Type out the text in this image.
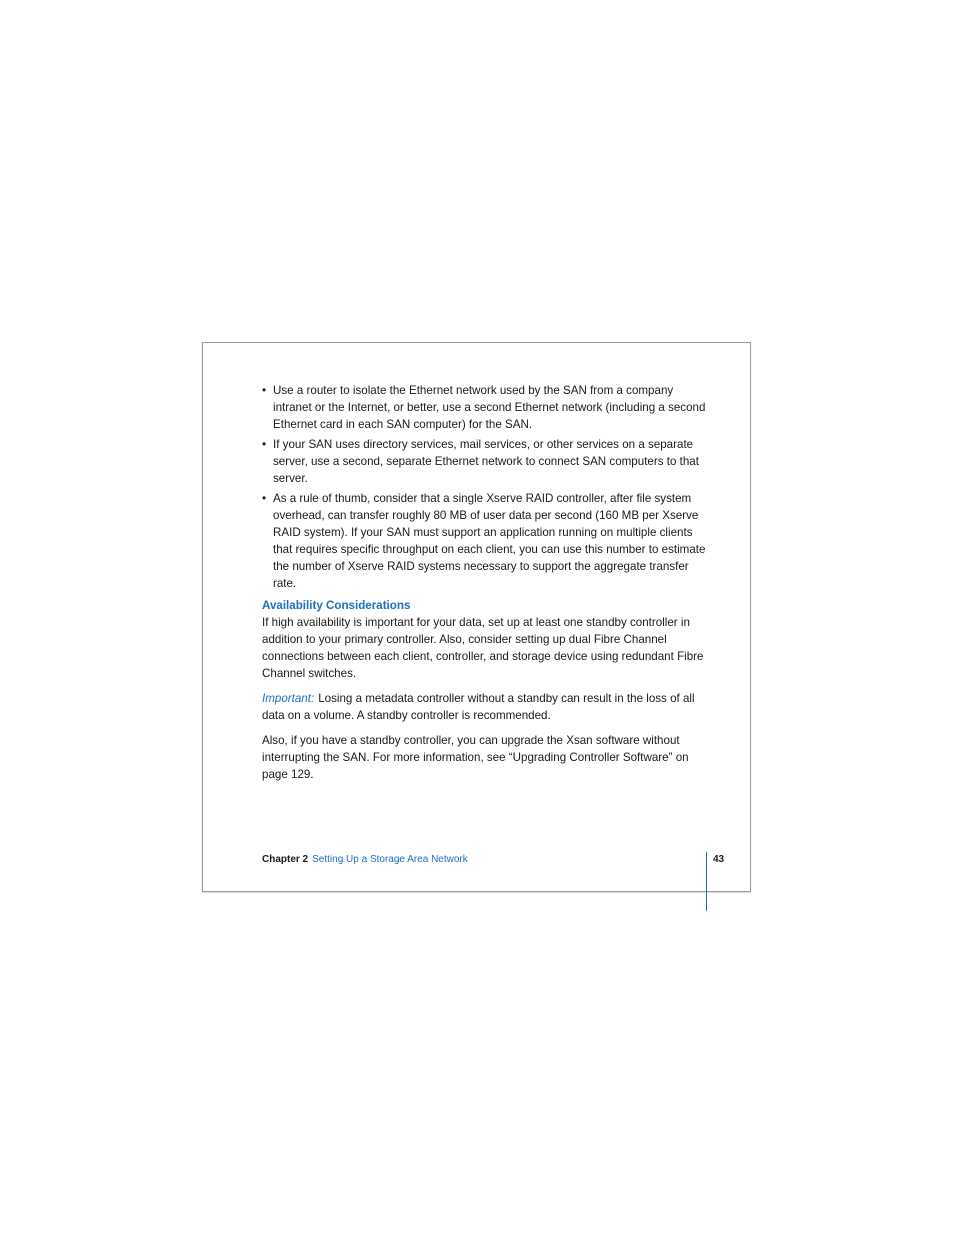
• Use a router to isolate the Ethernet network used by the SAN from a company intranet or the Internet, or better, use a second Ethernet network (including a second Ethernet card in each SAN computer) for the SAN.
• If your SAN uses directory services, mail services, or other services on a separate server, use a second, separate Ethernet network to connect SAN computers to that server.
• As a rule of thumb, consider that a single Xserve RAID controller, after file system overhead, can transfer roughly 80 MB of user data per second (160 MB per Xserve RAID system). If your SAN must support an application running on multiple clients that requires specific throughput on each client, you can use this number to estimate the number of Xserve RAID systems necessary to support the aggregate transfer rate.
Availability Considerations

If high availability is important for your data, set up at least one standby controller in addition to your primary controller. Also, consider setting up dual Fibre Channel connections between each client, controller, and storage device using redundant Fibre Channel switches.

Important: Losing a metadata controller without a standby can result in the loss of all data on a volume. A standby controller is recommended.

Also, if you have a standby controller, you can upgrade the Xsan software without interrupting the SAN. For more information, see “Upgrading Controller Software” on page 129.

Chapter 2 Setting Up a Storage Area Network	43
